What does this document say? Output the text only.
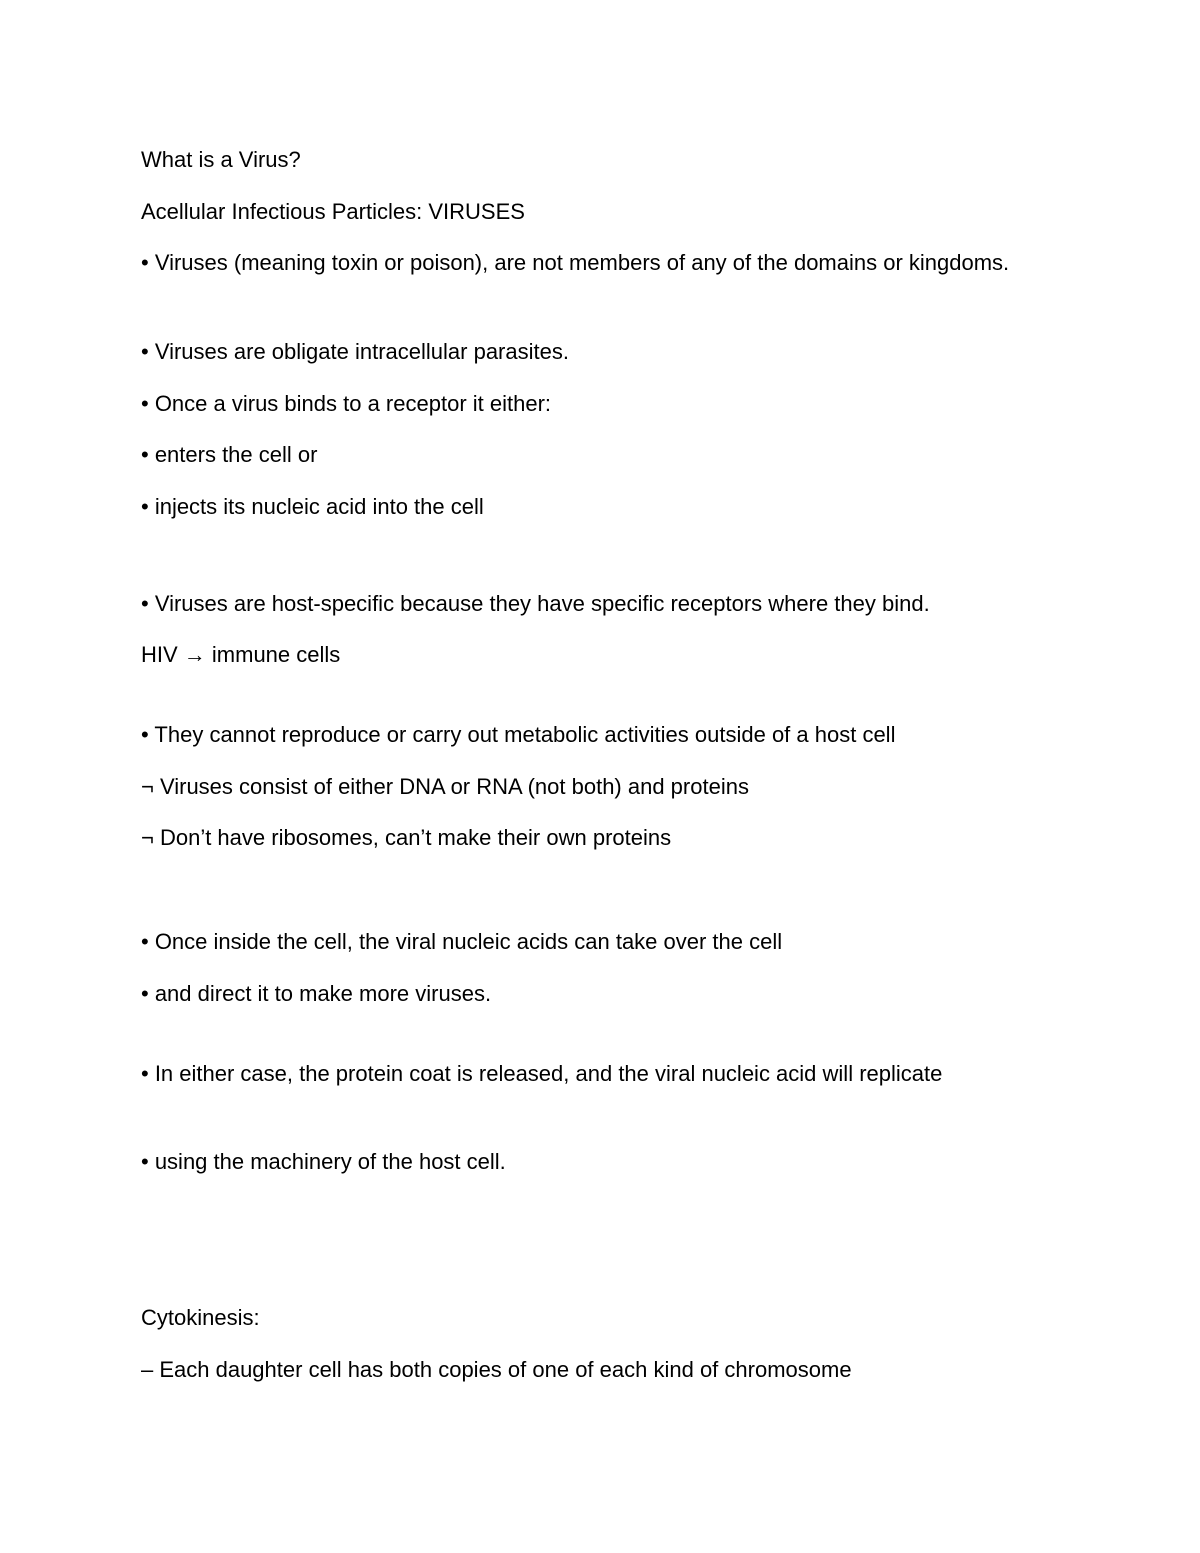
What is a Virus?
Acellular Infectious Particles: VIRUSES
• Viruses (meaning toxin or poison), are not members of any of the domains or kingdoms.
• Viruses are obligate intracellular parasites.
• Once a virus binds to a receptor it either:
• enters the cell or
• injects its nucleic acid into the cell
• Viruses are host-specific because they have specific receptors where they bind.
HIV → immune cells
• They cannot reproduce or carry out metabolic activities outside of a host cell
¬ Viruses consist of either DNA or RNA (not both) and proteins
¬ Don’t have ribosomes, can’t make their own proteins
• Once inside the cell, the viral nucleic acids can take over the cell
• and direct it to make more viruses.
• In either case, the protein coat is released, and the viral nucleic acid will replicate
• using the machinery of the host cell.
Cytokinesis:
– Each daughter cell has both copies of one of each kind of chromosome
